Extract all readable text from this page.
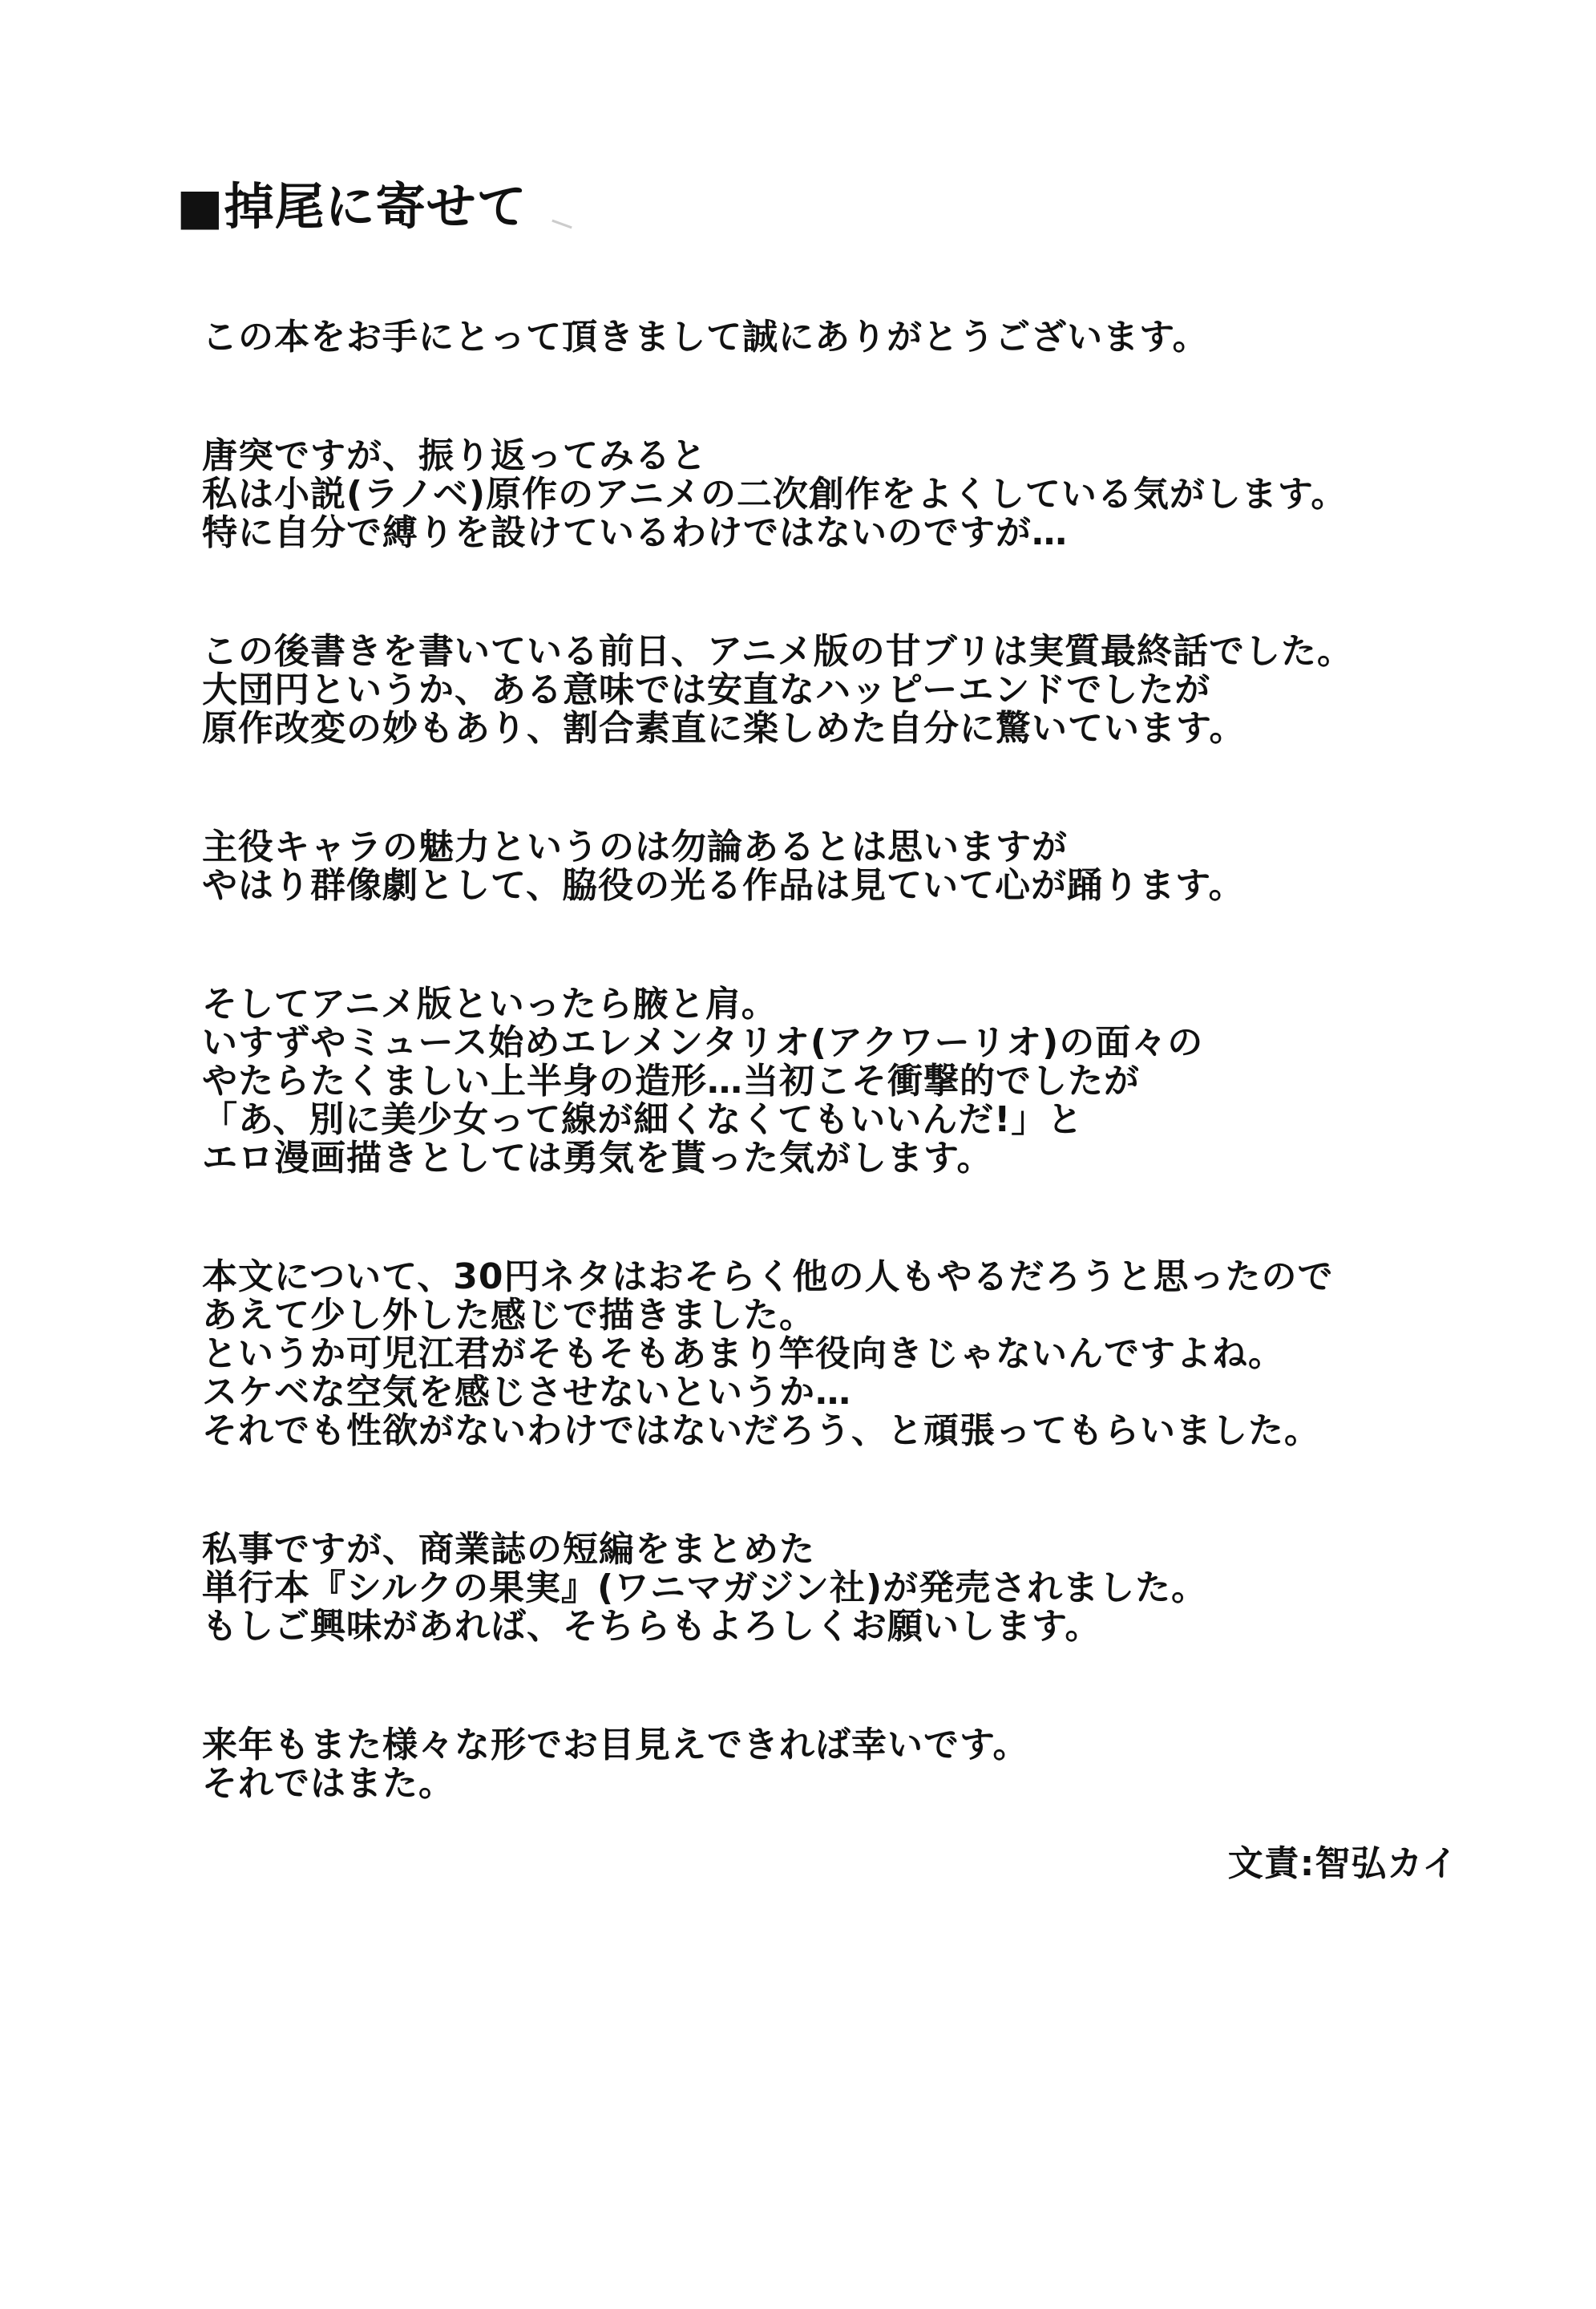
■掉尾に寄せて
この本をお手にとって頂きまして誠にありがとうございます。
唐突ですが、振り返ってみると
私は小説(ラノベ)原作のアニメの二次創作をよくしている気がします。
特に自分で縛りを設けているわけではないのですが…
この後書きを書いている前日、アニメ版の甘ブリは実質最終話でした。
大団円というか、ある意味では安直なハッピーエンドでしたが
原作改変の妙もあり、割合素直に楽しめた自分に驚いています。
主役キャラの魅力というのは勿論あるとは思いますが
やはり群像劇として、脇役の光る作品は見ていて心が踊ります。
そしてアニメ版といったら腋と肩。
いすずやミュース始めエレメンタリオ(アクワーリオ)の面々の
やたらたくましい上半身の造形…当初こそ衝撃的でしたが
「あ、別に美少女って線が細くなくてもいいんだ!」と
エロ漫画描きとしては勇気を貰った気がします。
本文について、30円ネタはおそらく他の人もやるだろうと思ったので
あえて少し外した感じで描きました。
というか可児江君がそもそもあまり竿役向きじゃないんですよね。
スケベな空気を感じさせないというか…
それでも性欲がないわけではないだろう、と頑張ってもらいました。
私事ですが、商業誌の短編をまとめた
単行本『シルクの果実』(ワニマガジン社)が発売されました。
もしご興味があれば、そちらもよろしくお願いします。
来年もまた様々な形でお目見えできれば幸いです。
それではまた。
文責:智弘カイ
